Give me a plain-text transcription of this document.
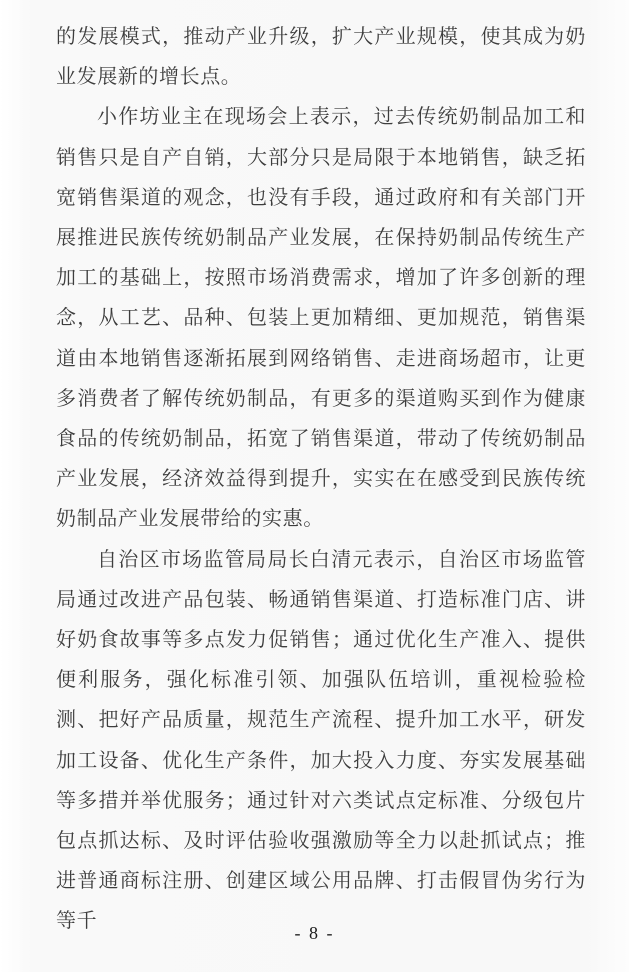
的发展模式，推动产业升级，扩大产业规模，使其成为奶业发展新的增长点。

小作坊业主在现场会上表示，过去传统奶制品加工和销售只是自产自销，大部分只是局限于本地销售，缺乏拓宽销售渠道的观念，也没有手段，通过政府和有关部门开展推进民族传统奶制品产业发展，在保持奶制品传统生产加工的基础上，按照市场消费需求，增加了许多创新的理念，从工艺、品种、包装上更加精细、更加规范，销售渠道由本地销售逐渐拓展到网络销售、走进商场超市，让更多消费者了解传统奶制品，有更多的渠道购买到作为健康食品的传统奶制品，拓宽了销售渠道，带动了传统奶制品产业发展，经济效益得到提升，实实在在感受到民族传统奶制品产业发展带给的实惠。

自治区市场监管局局长白清元表示，自治区市场监管局通过改进产品包装、畅通销售渠道、打造标准门店、讲好奶食故事等多点发力促销售；通过优化生产准入、提供便利服务，强化标准引领、加强队伍培训，重视检验检测、把好产品质量，规范生产流程、提升加工水平，研发加工设备、优化生产条件，加大投入力度、夯实发展基础等多措并举优服务；通过针对六类试点定标准、分级包片包点抓达标、及时评估验收强激励等全力以赴抓试点；推进普通商标注册、创建区域公用品牌、打击假冒伪劣行为等千

- 8 -
